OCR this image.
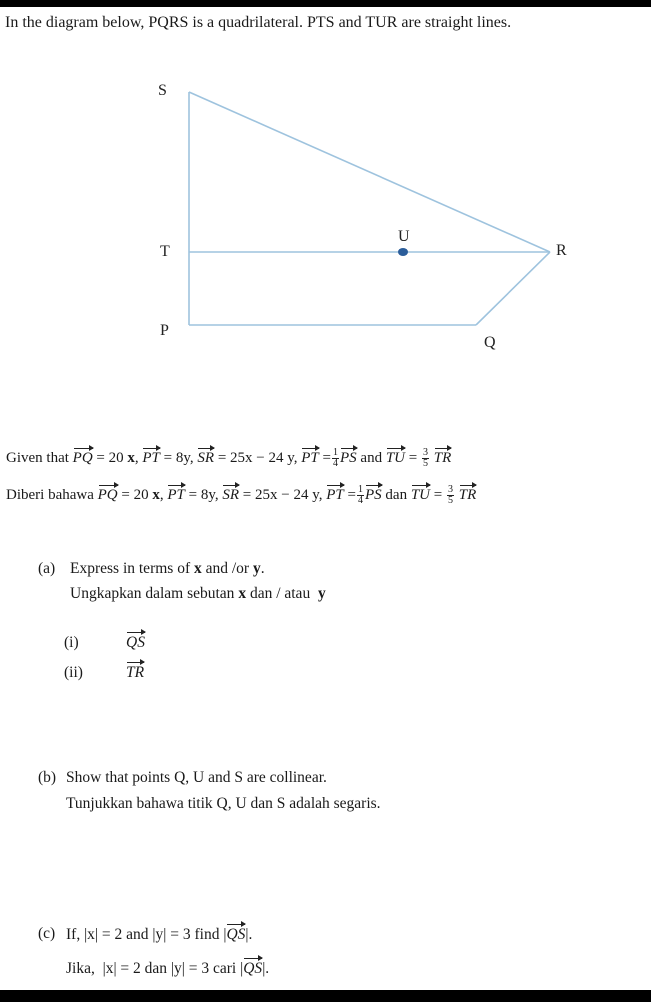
In the diagram below, PQRS is a quadrilateral. PTS and TUR are straight lines.
S
T
P
U
R
Q
Given that PQ = 20 x, PT = 8y, SR = 25x − 24 y, PT = $\frac{1}{4}$ PS and TU = $\frac{3}{5}$ TR
Diberi bahawa PQ = 20 x, PT = 8y, SR = 25x − 24 y, PT = $\frac{1}{4}$ PS dan TU = $\frac{3}{5}$ TR
(a) Express in terms of x and /or y.
Ungkapkan dalam sebutan x dan / atau y
(i)	QS
(ii)	TR
(b) Show that points Q, U and S are collinear.
Tunjukkan bahawa titik Q, U dan S adalah segaris.
(c) If, |x| = 2 and |y| = 3 find |QS|.
Jika, |x| = 2 dan |y| = 3 cari |QS|.
